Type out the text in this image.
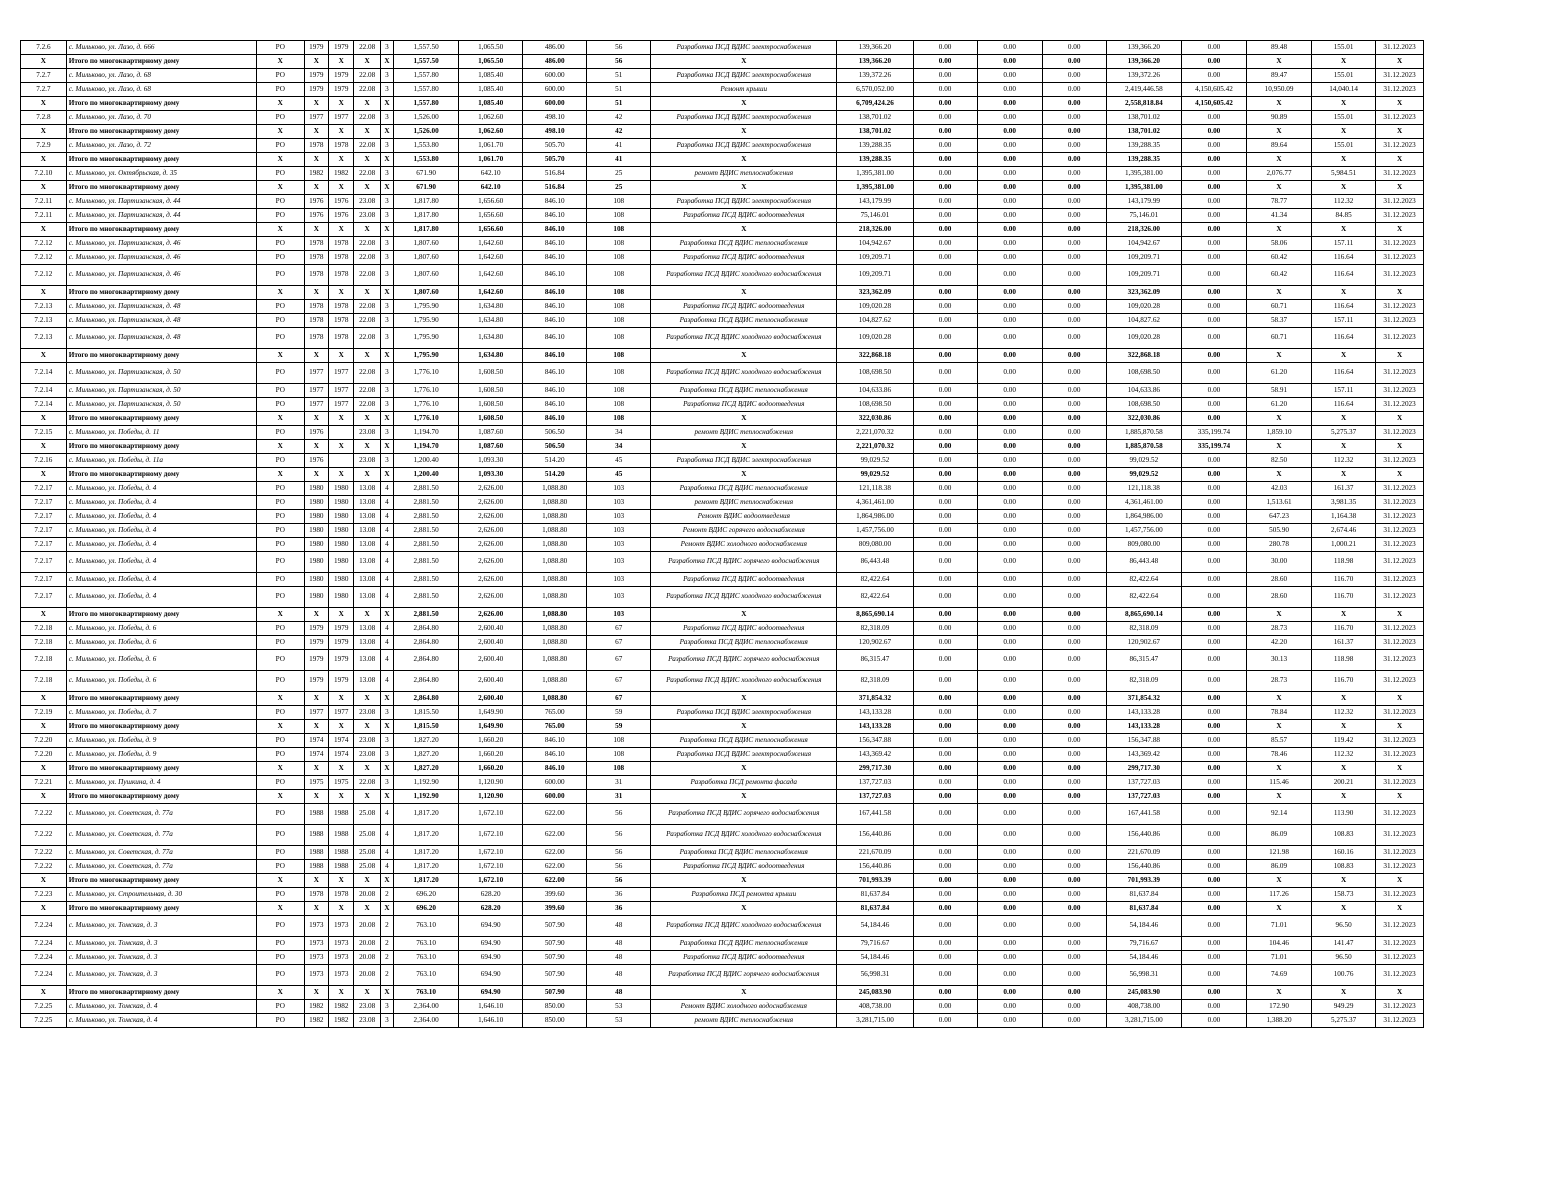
7.2.6	с. Мильково, ул. Лазо, д. 666	РО	1979	1979	22.08	3	1,557.50	1,065.50	486.00	56	Разработка ПСД ВДИС электроснабжения	139,366.20	0.00	0.00	0.00	139,366.20	0.00	89.48	155.01	31.12.2023
X	Итого по многоквартирному дому	X	X	X	X	X	1,557.50	1,065.50	486.00	56	X	139,366.20	0.00	0.00	0.00	139,366.20	0.00	X	X	X
7.2.7	с. Мильково, ул. Лазо, д. 68	РО	1979	1979	22.08	3	1,557.80	1,085.40	600.00	51	Разработка ПСД ВДИС электроснабжения	139,372.26	0.00	0.00	0.00	139,372.26	0.00	89.47	155.01	31.12.2023
7.2.7	с. Мильково, ул. Лазо, д. 68	РО	1979	1979	22.08	3	1,557.80	1,085.40	600.00	51	Ремонт крыши	6,570,052.00	0.00	0.00	0.00	2,419,446.58	4,150,605.42	10,950.09	14,040.14	31.12.2023
X	Итого по многоквартирному дому	X	X	X	X	X	1,557.80	1,085.40	600.00	51	X	6,709,424.26	0.00	0.00	0.00	2,558,818.84	4,150,605.42	X	X	X
7.2.8	с. Мильково, ул. Лазо, д. 70	РО	1977	1977	22.08	3	1,526.00	1,062.60	498.10	42	Разработка ПСД ВДИС электроснабжения	138,701.02	0.00	0.00	0.00	138,701.02	0.00	90.89	155.01	31.12.2023
X	Итого по многоквартирному дому	X	X	X	X	X	1,526.00	1,062.60	498.10	42	X	138,701.02	0.00	0.00	0.00	138,701.02	0.00	X	X	X
7.2.9	с. Мильково, ул. Лазо, д. 72	РО	1978	1978	22.08	3	1,553.80	1,061.70	505.70	41	Разработка ПСД ВДИС электроснабжения	139,288.35	0.00	0.00	0.00	139,288.35	0.00	89.64	155.01	31.12.2023
X	Итого по многоквартирному дому	X	X	X	X	X	1,553.80	1,061.70	505.70	41	X	139,288.35	0.00	0.00	0.00	139,288.35	0.00	X	X	X
7.2.10	с. Мильково, ул. Октябрьская, д. 35	РО	1982	1982	22.08	3	671.90	642.10	516.84	25	ремонт ВДИС теплоснабжения	1,395,381.00	0.00	0.00	0.00	1,395,381.00	0.00	2,076.77	5,984.51	31.12.2023
X	Итого по многоквартирному дому	X	X	X	X	X	671.90	642.10	516.84	25	X	1,395,381.00	0.00	0.00	0.00	1,395,381.00	0.00	X	X	X
7.2.11	с. Мильково, ул. Партизанская, д. 44	РО	1976	1976	23.08	3	1,817.80	1,656.60	846.10	108	Разработка ПСД ВДИС электроснабжения	143,179.99	0.00	0.00	0.00	143,179.99	0.00	78.77	112.32	31.12.2023
7.2.11	с. Мильково, ул. Партизанская, д. 44	РО	1976	1976	23.08	3	1,817.80	1,656.60	846.10	108	Разработка ПСД ВДИС водоотведения	75,146.01	0.00	0.00	0.00	75,146.01	0.00	41.34	84.85	31.12.2023
X	Итого по многоквартирному дому	X	X	X	X	X	1,817.80	1,656.60	846.10	108	X	218,326.00	0.00	0.00	0.00	218,326.00	0.00	X	X	X
7.2.12	с. Мильково, ул. Партизанская, д. 46	РО	1978	1978	22.08	3	1,807.60	1,642.60	846.10	108	Разработка ПСД ВДИС теплоснабжения	104,942.67	0.00	0.00	0.00	104,942.67	0.00	58.06	157.11	31.12.2023
7.2.12	с. Мильково, ул. Партизанская, д. 46	РО	1978	1978	22.08	3	1,807.60	1,642.60	846.10	108	Разработка ПСД ВДИС водоотведения	109,209.71	0.00	0.00	0.00	109,209.71	0.00	60.42	116.64	31.12.2023
7.2.12	с. Мильково, ул. Партизанская, д. 46	РО	1978	1978	22.08	3	1,807.60	1,642.60	846.10	108	Разработка ПСД ВДИС холодного водоснабжения	109,209.71	0.00	0.00	0.00	109,209.71	0.00	60.42	116.64	31.12.2023
X	Итого по многоквартирному дому	X	X	X	X	X	1,807.60	1,642.60	846.10	108	X	323,362.09	0.00	0.00	0.00	323,362.09	0.00	X	X	X
7.2.13	с. Мильково, ул. Партизанская, д. 48	РО	1978	1978	22.08	3	1,795.90	1,634.80	846.10	108	Разработка ПСД ВДИС водоотведения	109,020.28	0.00	0.00	0.00	109,020.28	0.00	60.71	116.64	31.12.2023
7.2.13	с. Мильково, ул. Партизанская, д. 48	РО	1978	1978	22.08	3	1,795.90	1,634.80	846.10	108	Разработка ПСД ВДИС теплоснабжения	104,827.62	0.00	0.00	0.00	104,827.62	0.00	58.37	157.11	31.12.2023
7.2.13	с. Мильково, ул. Партизанская, д. 48	РО	1978	1978	22.08	3	1,795.90	1,634.80	846.10	108	Разработка ПСД ВДИС холодного водоснабжения	109,020.28	0.00	0.00	0.00	109,020.28	0.00	60.71	116.64	31.12.2023
X	Итого по многоквартирному дому	X	X	X	X	X	1,795.90	1,634.80	846.10	108	X	322,868.18	0.00	0.00	0.00	322,868.18	0.00	X	X	X
7.2.14	с. Мильково, ул. Партизанская, д. 50	РО	1977	1977	22.08	3	1,776.10	1,608.50	846.10	108	Разработка ПСД ВДИС холодного водоснабжения	108,698.50	0.00	0.00	0.00	108,698.50	0.00	61.20	116.64	31.12.2023
7.2.14	с. Мильково, ул. Партизанская, д. 50	РО	1977	1977	22.08	3	1,776.10	1,608.50	846.10	108	Разработка ПСД ВДИС теплоснабжения	104,633.86	0.00	0.00	0.00	104,633.86	0.00	58.91	157.11	31.12.2023
7.2.14	с. Мильково, ул. Партизанская, д. 50	РО	1977	1977	22.08	3	1,776.10	1,608.50	846.10	108	Разработка ПСД ВДИС водоотведения	108,698.50	0.00	0.00	0.00	108,698.50	0.00	61.20	116.64	31.12.2023
X	Итого по многоквартирному дому	X	X	X	X	X	1,776.10	1,608.50	846.10	108	X	322,030.86	0.00	0.00	0.00	322,030.86	0.00	X	X	X
7.2.15	с. Мильково, ул. Победы, д. 11	РО	1976		23.08	3	1,194.70	1,087.60	506.50	34	ремонт ВДИС теплоснабжения	2,221,070.32	0.00	0.00	0.00	1,885,870.58	335,199.74	1,859.10	5,275.37	31.12.2023
X	Итого по многоквартирному дому	X	X	X	X	X	1,194.70	1,087.60	506.50	34	X	2,221,070.32	0.00	0.00	0.00	1,885,870.58	335,199.74	X	X	X
7.2.16	с. Мильково, ул. Победы, д. 11а	РО	1976		23.08	3	1,200.40	1,093.30	514.20	45	Разработка ПСД ВДИС электроснабжения	99,029.52	0.00	0.00	0.00	99,029.52	0.00	82.50	112.32	31.12.2023
X	Итого по многоквартирному дому	X	X	X	X	X	1,200.40	1,093.30	514.20	45	X	99,029.52	0.00	0.00	0.00	99,029.52	0.00	X	X	X
7.2.17	с. Мильково, ул. Победы, д. 4	РО	1980	1980	13.08	4	2,881.50	2,626.00	1,088.80	103	Разработка ПСД ВДИС теплоснабжения	121,118.38	0.00	0.00	0.00	121,118.38	0.00	42.03	161.37	31.12.2023
7.2.17	с. Мильково, ул. Победы, д. 4	РО	1980	1980	13.08	4	2,881.50	2,626.00	1,088.80	103	ремонт ВДИС теплоснабжения	4,361,461.00	0.00	0.00	0.00	4,361,461.00	0.00	1,513.61	3,981.35	31.12.2023
7.2.17	с. Мильково, ул. Победы, д. 4	РО	1980	1980	13.08	4	2,881.50	2,626.00	1,088.80	103	Ремонт ВДИС водоотведения	1,864,986.00	0.00	0.00	0.00	1,864,986.00	0.00	647.23	1,164.38	31.12.2023
7.2.17	с. Мильково, ул. Победы, д. 4	РО	1980	1980	13.08	4	2,881.50	2,626.00	1,088.80	103	Ремонт ВДИС горячего водоснабжения	1,457,756.00	0.00	0.00	0.00	1,457,756.00	0.00	505.90	2,674.46	31.12.2023
7.2.17	с. Мильково, ул. Победы, д. 4	РО	1980	1980	13.08	4	2,881.50	2,626.00	1,088.80	103	Ремонт ВДИС холодного водоснабжения	809,080.00	0.00	0.00	0.00	809,080.00	0.00	280.78	1,000.21	31.12.2023
7.2.17	с. Мильково, ул. Победы, д. 4	РО	1980	1980	13.08	4	2,881.50	2,626.00	1,088.80	103	Разработка ПСД ВДИС горячего водоснабжения	86,443.48	0.00	0.00	0.00	86,443.48	0.00	30.00	118.98	31.12.2023
7.2.17	с. Мильково, ул. Победы, д. 4	РО	1980	1980	13.08	4	2,881.50	2,626.00	1,088.80	103	Разработка ПСД ВДИС водоотведения	82,422.64	0.00	0.00	0.00	82,422.64	0.00	28.60	116.70	31.12.2023
7.2.17	с. Мильково, ул. Победы, д. 4	РО	1980	1980	13.08	4	2,881.50	2,626.00	1,088.80	103	Разработка ПСД ВДИС холодного водоснабжения	82,422.64	0.00	0.00	0.00	82,422.64	0.00	28.60	116.70	31.12.2023
X	Итого по многоквартирному дому	X	X	X	X	X	2,881.50	2,626.00	1,088.80	103	X	8,865,690.14	0.00	0.00	0.00	8,865,690.14	0.00	X	X	X
7.2.18	с. Мильково, ул. Победы, д. 6	РО	1979	1979	13.08	4	2,864.80	2,600.40	1,088.80	67	Разработка ПСД ВДИС водоотведения	82,318.09	0.00	0.00	0.00	82,318.09	0.00	28.73	116.70	31.12.2023
7.2.18	с. Мильково, ул. Победы, д. 6	РО	1979	1979	13.08	4	2,864.80	2,600.40	1,088.80	67	Разработка ПСД ВДИС теплоснабжения	120,902.67	0.00	0.00	0.00	120,902.67	0.00	42.20	161.37	31.12.2023
7.2.18	с. Мильково, ул. Победы, д. 6	РО	1979	1979	13.08	4	2,864.80	2,600.40	1,088.80	67	Разработка ПСД ВДИС горячего водоснабжения	86,315.47	0.00	0.00	0.00	86,315.47	0.00	30.13	118.98	31.12.2023
7.2.18	с. Мильково, ул. Победы, д. 6	РО	1979	1979	13.08	4	2,864.80	2,600.40	1,088.80	67	Разработка ПСД ВДИС холодного водоснабжения	82,318.09	0.00	0.00	0.00	82,318.09	0.00	28.73	116.70	31.12.2023
X	Итого по многоквартирному дому	X	X	X	X	X	2,864.80	2,600.40	1,088.80	67	X	371,854.32	0.00	0.00	0.00	371,854.32	0.00	X	X	X
7.2.19	с. Мильково, ул. Победы, д. 7	РО	1977	1977	23.08	3	1,815.50	1,649.90	765.00	59	Разработка ПСД ВДИС электроснабжения	143,133.28	0.00	0.00	0.00	143,133.28	0.00	78.84	112.32	31.12.2023
X	Итого по многоквартирному дому	X	X	X	X	X	1,815.50	1,649.90	765.00	59	X	143,133.28	0.00	0.00	0.00	143,133.28	0.00	X	X	X
7.2.20	с. Мильково, ул. Победы, д. 9	РО	1974	1974	23.08	3	1,827.20	1,660.20	846.10	108	Разработка ПСД ВДИС теплоснабжения	156,347.88	0.00	0.00	0.00	156,347.88	0.00	85.57	119.42	31.12.2023
7.2.20	с. Мильково, ул. Победы, д. 9	РО	1974	1974	23.08	3	1,827.20	1,660.20	846.10	108	Разработка ПСД ВДИС электроснабжения	143,369.42	0.00	0.00	0.00	143,369.42	0.00	78.46	112.32	31.12.2023
X	Итого по многоквартирному дому	X	X	X	X	X	1,827.20	1,660.20	846.10	108	X	299,717.30	0.00	0.00	0.00	299,717.30	0.00	X	X	X
7.2.21	с. Мильково, ул. Пушкина, д. 4	РО	1975	1975	22.08	3	1,192.90	1,120.90	600.00	31	Разработка ПСД ремонта фасада	137,727.03	0.00	0.00	0.00	137,727.03	0.00	115.46	200.21	31.12.2023
X	Итого по многоквартирному дому	X	X	X	X	X	1,192.90	1,120.90	600.00	31	X	137,727.03	0.00	0.00	0.00	137,727.03	0.00	X	X	X
7.2.22	с. Мильково, ул. Советская, д. 77а	РО	1988	1988	25.08	4	1,817.20	1,672.10	622.00	56	Разработка ПСД ВДИС горячего водоснабжения	167,441.58	0.00	0.00	0.00	167,441.58	0.00	92.14	113.90	31.12.2023
7.2.22	с. Мильково, ул. Советская, д. 77а	РО	1988	1988	25.08	4	1,817.20	1,672.10	622.00	56	Разработка ПСД ВДИС холодного водоснабжения	156,440.86	0.00	0.00	0.00	156,440.86	0.00	86.09	108.83	31.12.2023
7.2.22	с. Мильково, ул. Советская, д. 77а	РО	1988	1988	25.08	4	1,817.20	1,672.10	622.00	56	Разработка ПСД ВДИС теплоснабжения	221,670.09	0.00	0.00	0.00	221,670.09	0.00	121.98	160.16	31.12.2023
7.2.22	с. Мильково, ул. Советская, д. 77а	РО	1988	1988	25.08	4	1,817.20	1,672.10	622.00	56	Разработка ПСД ВДИС водоотведения	156,440.86	0.00	0.00	0.00	156,440.86	0.00	86.09	108.83	31.12.2023
X	Итого по многоквартирному дому	X	X	X	X	X	1,817.20	1,672.10	622.00	56	X	701,993.39	0.00	0.00	0.00	701,993.39	0.00	X	X	X
7.2.23	с. Мильково, ул. Строительная, д. 30	РО	1978	1978	20.08	2	696.20	628.20	399.60	36	Разработка ПСД ремонта крыши	81,637.84	0.00	0.00	0.00	81,637.84	0.00	117.26	158.73	31.12.2023
X	Итого по многоквартирному дому	X	X	X	X	X	696.20	628.20	399.60	36	X	81,637.84	0.00	0.00	0.00	81,637.84	0.00	X	X	X
7.2.24	с. Мильково, ул. Томская, д. 3	РО	1973	1973	20.08	2	763.10	694.90	507.90	48	Разработка ПСД ВДИС холодного водоснабжения	54,184.46	0.00	0.00	0.00	54,184.46	0.00	71.01	96.50	31.12.2023
7.2.24	с. Мильково, ул. Томская, д. 3	РО	1973	1973	20.08	2	763.10	694.90	507.90	48	Разработка ПСД ВДИС теплоснабжения	79,716.67	0.00	0.00	0.00	79,716.67	0.00	104.46	141.47	31.12.2023
7.2.24	с. Мильково, ул. Томская, д. 3	РО	1973	1973	20.08	2	763.10	694.90	507.90	48	Разработка ПСД ВДИС водоотведения	54,184.46	0.00	0.00	0.00	54,184.46	0.00	71.01	96.50	31.12.2023
7.2.24	с. Мильково, ул. Томская, д. 3	РО	1973	1973	20.08	2	763.10	694.90	507.90	48	Разработка ПСД ВДИС горячего водоснабжения	56,998.31	0.00	0.00	0.00	56,998.31	0.00	74.69	100.76	31.12.2023
X	Итого по многоквартирному дому	X	X	X	X	X	763.10	694.90	507.90	48	X	245,083.90	0.00	0.00	0.00	245,083.90	0.00	X	X	X
7.2.25	с. Мильково, ул. Томская, д. 4	РО	1982	1982	23.08	3	2,364.00	1,646.10	850.00	53	Ремонт ВДИС холодного водоснабжения	408,738.00	0.00	0.00	0.00	408,738.00	0.00	172.90	949.29	31.12.2023
7.2.25	с. Мильково, ул. Томская, д. 4	РО	1982	1982	23.08	3	2,364.00	1,646.10	850.00	53	ремонт ВДИС теплоснабжения	3,281,715.00	0.00	0.00	0.00	3,281,715.00	0.00	1,388.20	5,275.37	31.12.2023
